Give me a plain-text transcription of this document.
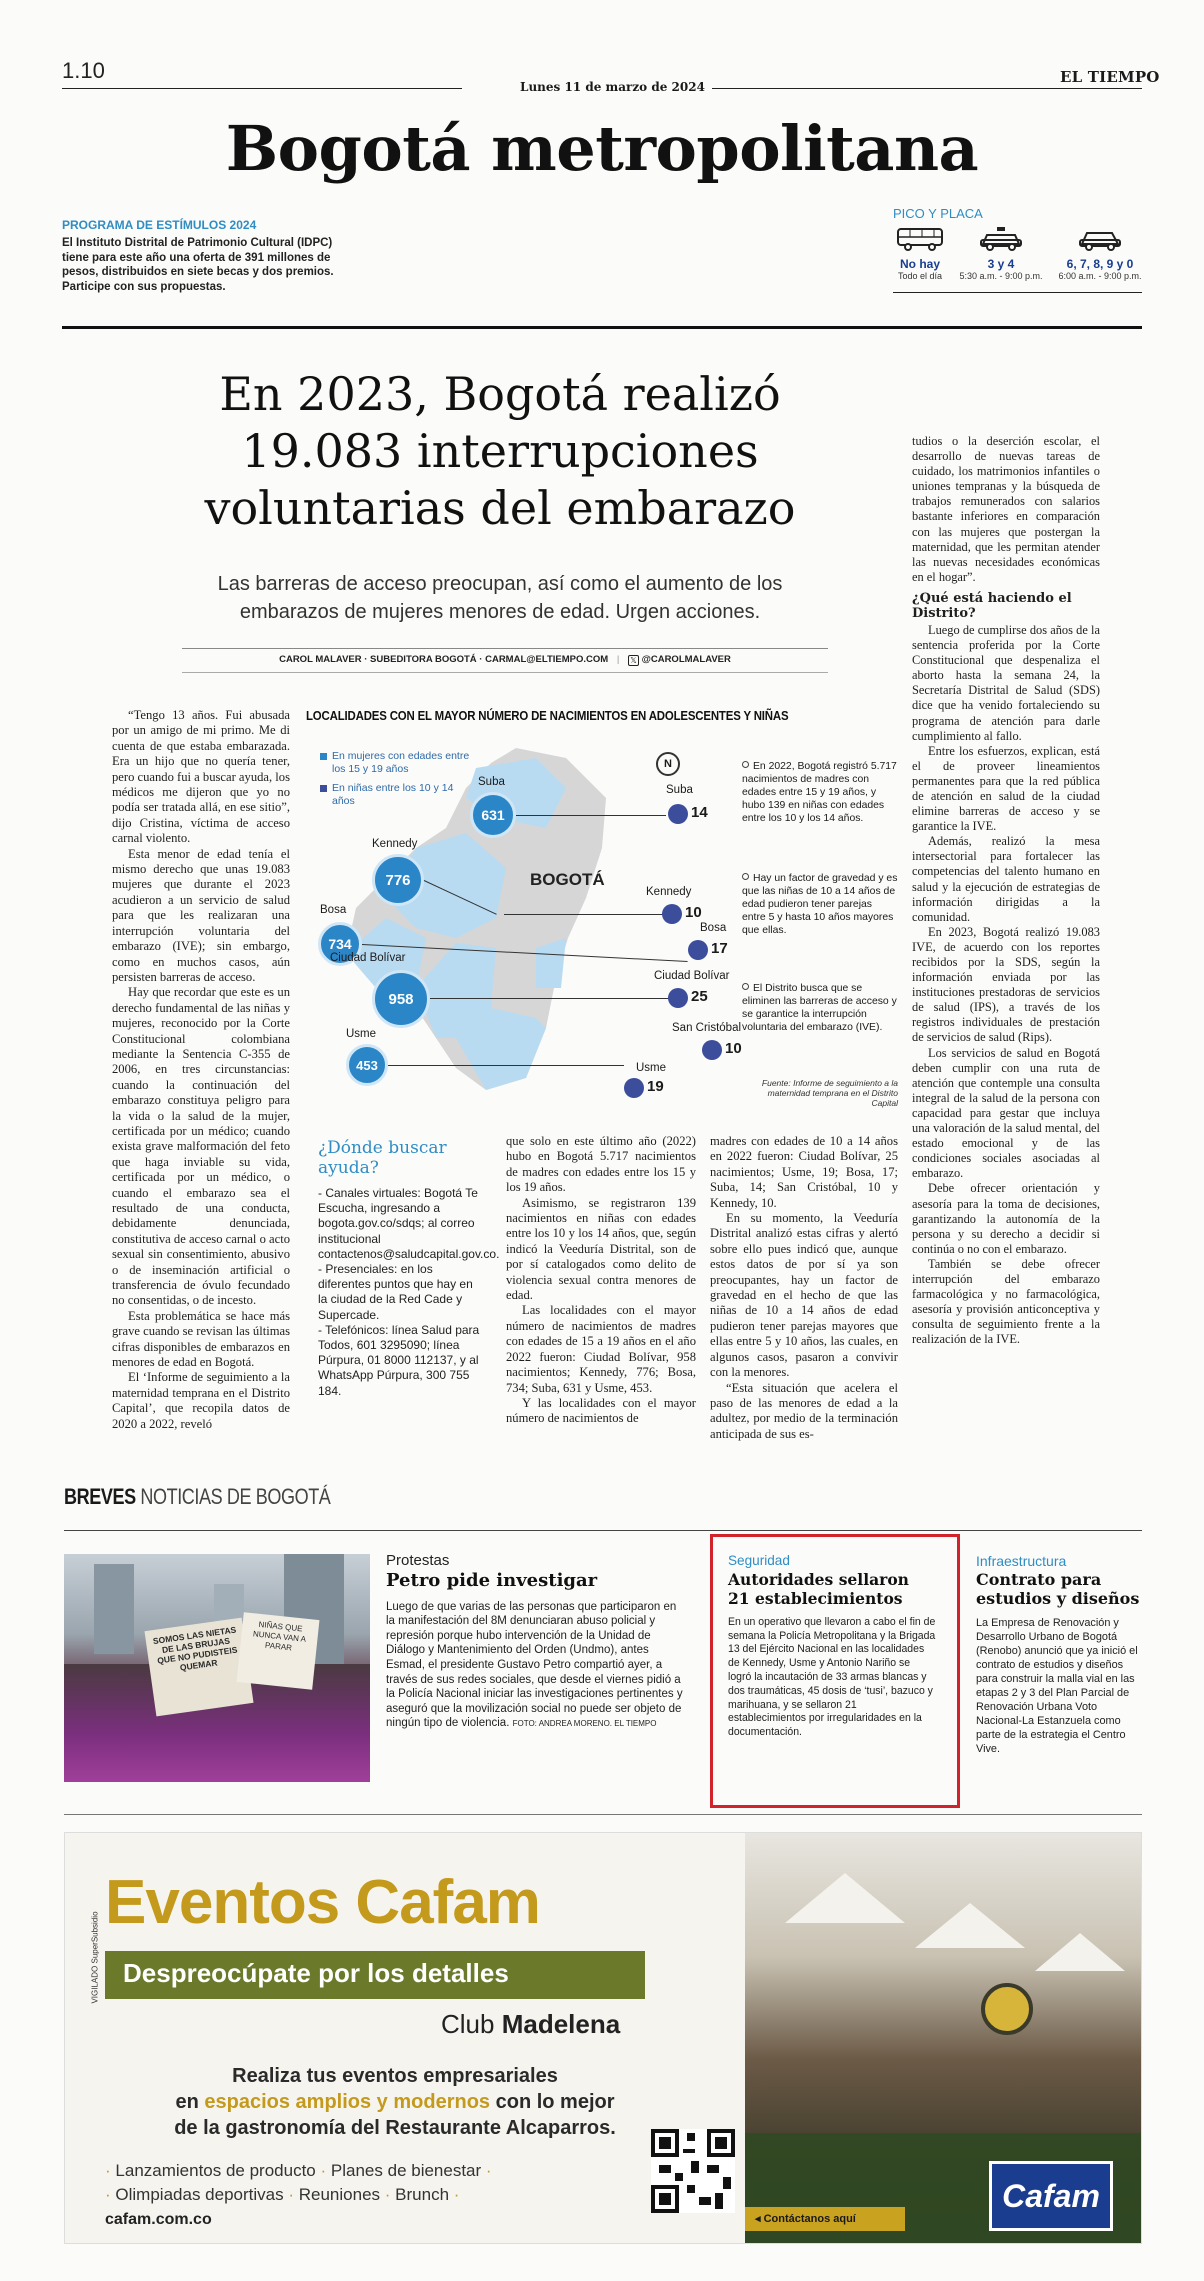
1.10
Lunes 11 de marzo de 2024
EL TIEMPO
Bogotá metropolitana
PROGRAMA DE ESTÍMULOS 2024
El Instituto Distrital de Patrimonio Cultural (IDPC) tiene para este año una oferta de 391 millones de pesos, distribuidos en siete becas y dos premios. Participe con sus propuestas.
PICO Y PLACA
No hay
Todo el día
3 y 4
5:30 a.m. - 9:00 p.m.
6, 7, 8, 9 y 0
6:00 a.m. - 9:00 p.m.
En 2023, Bogotá realizó 19.083 interrupciones voluntarias del embarazo
Las barreras de acceso preocupan, así como el aumento de los embarazos de mujeres menores de edad. Urgen acciones.
CAROL MALAVER · SUBEDITORA BOGOTÁ · CARMAL@ELTIEMPO.COM | 𝕏 @CAROLMALAVER

“Tengo 13 años. Fui abusada por un amigo de mi primo. Me di cuenta de que estaba embarazada. Era un hijo que no quería tener, pero cuando fui a buscar ayuda, los médicos me dijeron que yo no podía ser tratada allá, en ese sitio”, dijo Cristina, víctima de acceso carnal violento.

Esta menor de edad tenía el mismo derecho que unas 19.083 mujeres que durante el 2023 acudieron a un servicio de salud para que les realizaran una interrupción voluntaria del embarazo (IVE); sin embargo, como en muchos casos, aún persisten barreras de acceso.

Hay que recordar que este es un derecho fundamental de las niñas y mujeres, reconocido por la Corte Constitucional colombiana mediante la Sentencia C-355 de 2006, en tres circunstancias: cuando la continuación del embarazo constituya peligro para la vida o la salud de la mujer, certificada por un médico; cuando exista grave malformación del feto que haga inviable su vida, certificada por un médico, o cuando el embarazo sea el resultado de una conducta, debidamente denunciada, constitutiva de acceso carnal o acto sexual sin consentimiento, abusivo o de inseminación artificial o transferencia de óvulo fecundado no consentidas, o de incesto.

Esta problemática se hace más grave cuando se revisan las últimas cifras disponibles de embarazos en menores de edad en Bogotá.

El ‘Informe de seguimiento a la maternidad temprana en el Distrito Capital’, que recopila datos de 2020 a 2022, reveló

LOCALIDADES CON EL MAYOR NÚMERO DE NACIMIENTOS EN ADOLESCENTES Y NIÑAS
En mujeres con edades entre los 15 y 19 años
En niñas entre los 10 y 14 años
BOGOTÁ
N
Suba
631
Kennedy
776
Bosa
734
Ciudad Bolívar
958
Usme
453
Suba
14
Kennedy
10
Bosa
17
Ciudad Bolívar
25
San Cristóbal
10
Usme
19
En 2022, Bogotá registró 5.717 nacimientos de madres con edades entre 15 y 19 años, y hubo 139 en niñas con edades entre los 10 y los 14 años.
Hay un factor de gravedad y es que las niñas de 10 a 14 años de edad pudieron tener parejas entre 5 y hasta 10 años mayores que ellas.
El Distrito busca que se eliminen las barreras de acceso y se garantice la interrupción voluntaria del embarazo (IVE).
Fuente: Informe de seguimiento a la maternidad temprana en el Distrito Capital
¿Dónde buscar ayuda?

- Canales virtuales: Bogotá Te Escucha, ingresando a bogota.gov.co/sdqs; al correo institucional contactenos@saludcapital.gov.co.

- Presenciales: en los diferentes puntos que hay en la ciudad de la Red Cade y Supercade.

- Telefónicos: línea Salud para Todos, 601 3295090; línea Púrpura, 01 8000 112137, y al WhatsApp Púrpura, 300 755 184.

que solo en este último año (2022) hubo en Bogotá 5.717 nacimientos de madres con edades entre los 15 y los 19 años.

Asimismo, se registraron 139 nacimientos en niñas con edades entre los 10 y los 14 años, que, según indicó la Veeduría Distrital, son de por sí catalogados como delito de violencia sexual contra menores de edad.

Las localidades con el mayor número de nacimientos de madres con edades de 15 a 19 años en el año 2022 fueron: Ciudad Bolívar, 958 nacimientos; Kennedy, 776; Bosa, 734; Suba, 631 y Usme, 453.

Y las localidades con el mayor número de nacimientos de

madres con edades de 10 a 14 años en 2022 fueron: Ciudad Bolívar, 25 nacimientos; Usme, 19; Bosa, 17; Suba, 14; San Cristóbal, 10 y Kennedy, 10.

En su momento, la Veeduría Distrital analizó estas cifras y alertó sobre ello pues indicó que, aunque estos datos de por sí ya son preocupantes, hay un factor de gravedad en el hecho de que las niñas de 10 a 14 años de edad pudieron tener parejas mayores que ellas entre 5 y 10 años, las cuales, en algunos casos, pasaron a convivir con la menores.

“Esta situación que acelera el paso de las menores de edad a la adultez, por medio de la terminación anticipada de sus es-

tudios o la deserción escolar, el desarrollo de nuevas tareas de cuidado, los matrimonios infantiles o uniones tempranas y la búsqueda de trabajos remunerados con salarios bastante inferiores en comparación con las mujeres que postergan la maternidad, que les permitan atender las nuevas necesidades económicas en el hogar”.

¿Qué está haciendo el Distrito?

Luego de cumplirse dos años de la sentencia proferida por la Corte Constitucional que despenaliza el aborto hasta la semana 24, la Secretaría Distrital de Salud (SDS) dice que ha venido fortaleciendo su programa de atención para darle cumplimiento al fallo.

Entre los esfuerzos, explican, está el de proveer lineamientos permanentes para que la red pública de atención en salud de la ciudad elimine barreras de acceso y se garantice la IVE.

Además, realizó la mesa intersectorial para fortalecer las competencias del talento humano en salud y la ejecución de estrategias de información dirigidas a la comunidad.

En 2023, Bogotá realizó 19.083 IVE, de acuerdo con los reportes recibidos por la SDS, según la información enviada por las instituciones prestadoras de servicios de salud (IPS), a través de los registros individuales de prestación de servicios de salud (Rips).

Los servicios de salud en Bogotá deben cumplir con una ruta de atención que contemple una consulta integral de la salud de la persona con capacidad para gestar que incluya una valoración de la salud mental, del estado emocional y de las condiciones sociales asociadas al embarazo.

Debe ofrecer orientación y asesoría para la toma de decisiones, garantizando la autonomía de la persona y su derecho a decidir si continúa o no con el embarazo.

También se debe ofrecer interrupción del embarazo farmacológica y no farmacológica, asesoría y provisión anticonceptiva y consulta de seguimiento frente a la realización de la IVE.

BREVES NOTICIAS DE BOGOTÁ
SOMOS LAS NIETAS DE LAS BRUJAS QUE NO PUDISTEIS QUEMAR
NIÑAS QUE NUNCA VAN A PARAR
Protestas
Petro pide investigar
Luego de que varias de las personas que participaron en la manifestación del 8M denunciaran abuso policial y represión porque hubo intervención de la Unidad de Diálogo y Mantenimiento del Orden (Undmo), antes Esmad, el presidente Gustavo Petro compartió ayer, a través de sus redes sociales, que desde el viernes pidió a la Policía Nacional iniciar las investigaciones pertinentes y aseguró que la movilización social no puede ser objeto de ningún tipo de violencia. FOTO: ANDREA MORENO. EL TIEMPO
Seguridad
Autoridades sellaron 21 establecimientos
En un operativo que llevaron a cabo el fin de semana la Policía Metropolitana y la Brigada 13 del Ejército Nacional en las localidades de Kennedy, Usme y Antonio Nariño se logró la incautación de 33 armas blancas y dos traumáticas, 45 dosis de ‘tusi’, bazuco y marihuana, y se sellaron 21 establecimientos por irregularidades en la documentación.
Infraestructura
Contrato para estudios y diseños
La Empresa de Renovación y Desarrollo Urbano de Bogotá (Renobo) anunció que ya inició el contrato de estudios y diseños para construir la malla vial en las etapas 2 y 3 del Plan Parcial de Renovación Urbana Voto Nacional-La Estanzuela como parte de la estrategia el Centro Vive.
VIGILADO SuperSubsidio
Eventos Cafam
Despreocúpate por los detalles
Club Madelena
Realiza tus eventos empresariales
en espacios amplios y modernos con lo mejor
de la gastronomía del Restaurante Alcaparros.
· Lanzamientos de producto · Planes de bienestar ·
· Olimpiadas deportivas · Reuniones · Brunch ·
cafam.com.co	◂ Contáctanos aquí
Cafam
